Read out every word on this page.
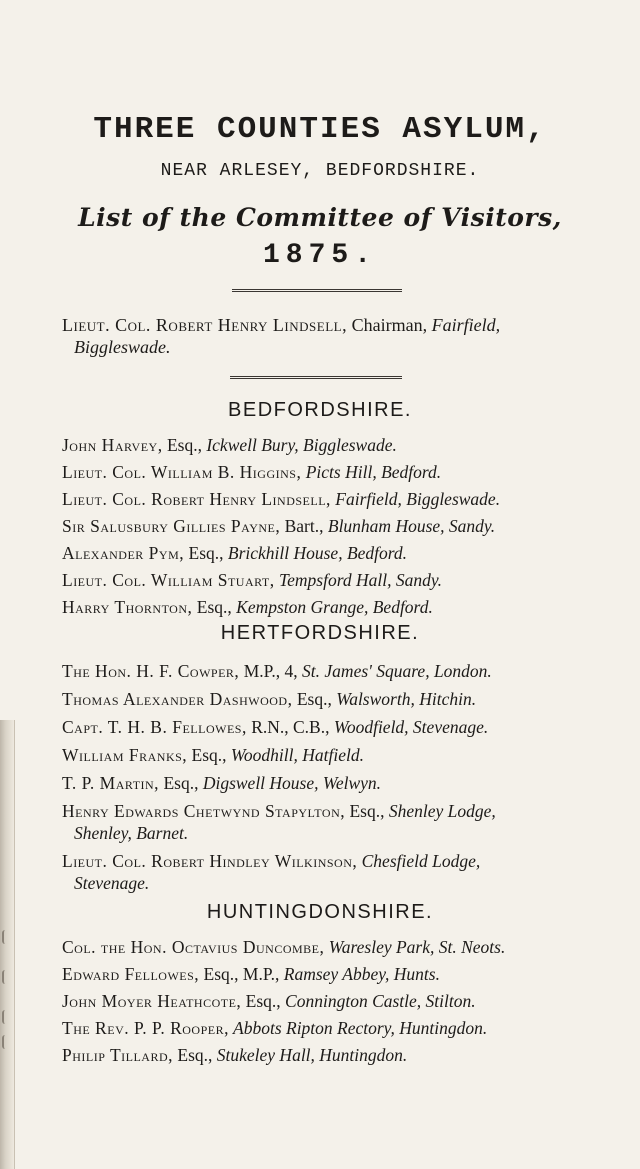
THREE COUNTIES ASYLUM,
NEAR ARLESEY, BEDFORDSHIRE.
List of the Committee of Visitors,
1875.
Lieut. Col. Robert Henry Lindsell, Chairman, Fairfield,
Biggleswade.
BEDFORDSHIRE.
John Harvey, Esq., Ickwell Bury, Biggleswade.
Lieut. Col. William B. Higgins, Picts Hill, Bedford.
Lieut. Col. Robert Henry Lindsell, Fairfield, Biggleswade.
Sir Salusbury Gillies Payne, Bart., Blunham House, Sandy.
Alexander Pym, Esq., Brickhill House, Bedford.
Lieut. Col. William Stuart, Tempsford Hall, Sandy.
Harry Thornton, Esq., Kempston Grange, Bedford.
HERTFORDSHIRE.
The Hon. H. F. Cowper, M.P., 4, St. James' Square, London.
Thomas Alexander Dashwood, Esq., Walsworth, Hitchin.
Capt. T. H. B. Fellowes, R.N., C.B., Woodfield, Stevenage.
William Franks, Esq., Woodhill, Hatfield.
T. P. Martin, Esq., Digswell House, Welwyn.
Henry Edwards Chetwynd Stapylton, Esq., Shenley Lodge,
Shenley, Barnet.
Lieut. Col. Robert Hindley Wilkinson, Chesfield Lodge,
Stevenage.
HUNTINGDONSHIRE.
Col. the Hon. Octavius Duncombe, Waresley Park, St. Neots.
Edward Fellowes, Esq., M.P., Ramsey Abbey, Hunts.
John Moyer Heathcote, Esq., Connington Castle, Stilton.
The Rev. P. P. Rooper, Abbots Ripton Rectory, Huntingdon.
Philip Tillard, Esq., Stukeley Hall, Huntingdon.
